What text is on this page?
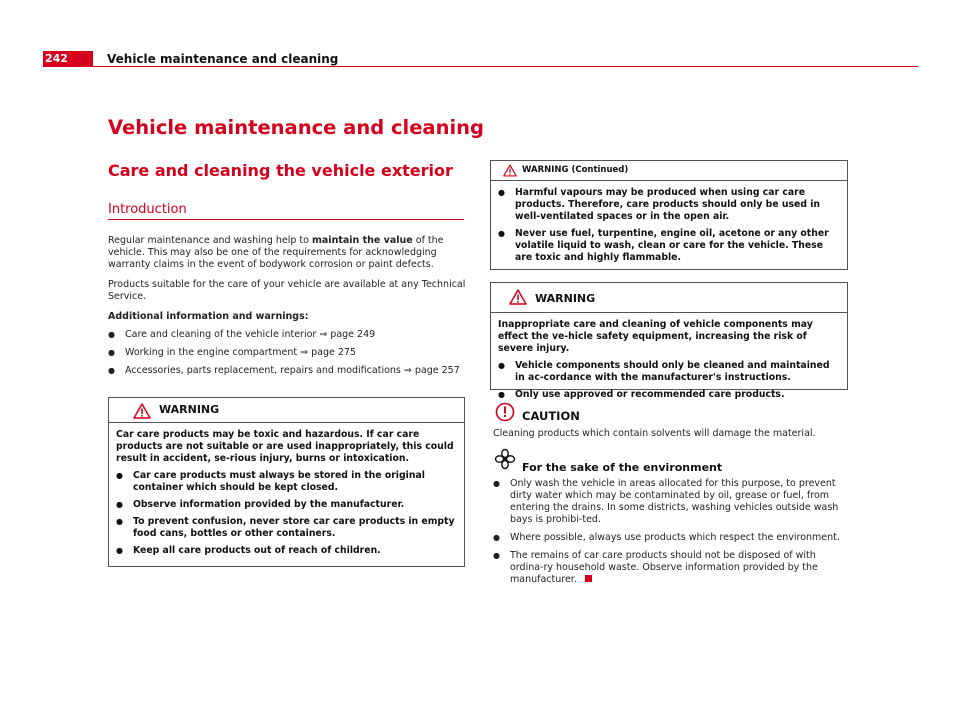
242	Vehicle maintenance and cleaning
Vehicle maintenance and cleaning
Care and cleaning the vehicle exterior
Introduction

Regular maintenance and washing help to maintain the value of the vehicle. This may also be one of the requirements for acknowledging warranty claims in the event of bodywork corrosion or paint defects.

Products suitable for the care of your vehicle are available at any Technical Service.

Additional information and warnings:

● Care and cleaning of the vehicle interior ⇒ page 249
● Working in the engine compartment ⇒ page 275
● Accessories, parts replacement, repairs and modifications ⇒ page 257
WARNING

Car care products may be toxic and hazardous. If car care products are not suitable or are used inappropriately, this could result in accident, se-rious injury, burns or intoxication.

● Car care products must always be stored in the original container which should be kept closed.
● Observe information provided by the manufacturer.
● To prevent confusion, never store car care products in empty food cans, bottles or other containers.
● Keep all care products out of reach of children.
WARNING (Continued)
● Harmful vapours may be produced when using car care products. Therefore, care products should only be used in well-ventilated spaces or in the open air.
● Never use fuel, turpentine, engine oil, acetone or any other volatile liquid to wash, clean or care for the vehicle. These are toxic and highly flammable.
WARNING

Inappropriate care and cleaning of vehicle components may effect the ve-hicle safety equipment, increasing the risk of severe injury.

● Vehicle components should only be cleaned and maintained in ac-cordance with the manufacturer's instructions.
● Only use approved or recommended care products.
CAUTION
Cleaning products which contain solvents will damage the material.
For the sake of the environment
● Only wash the vehicle in areas allocated for this purpose, to prevent dirty water which may be contaminated by oil, grease or fuel, from entering the drains. In some districts, washing vehicles outside wash bays is prohibi-ted.
● Where possible, always use products which respect the environment.
● The remains of car care products should not be disposed of with ordina-ry household waste. Observe information provided by the manufacturer.
